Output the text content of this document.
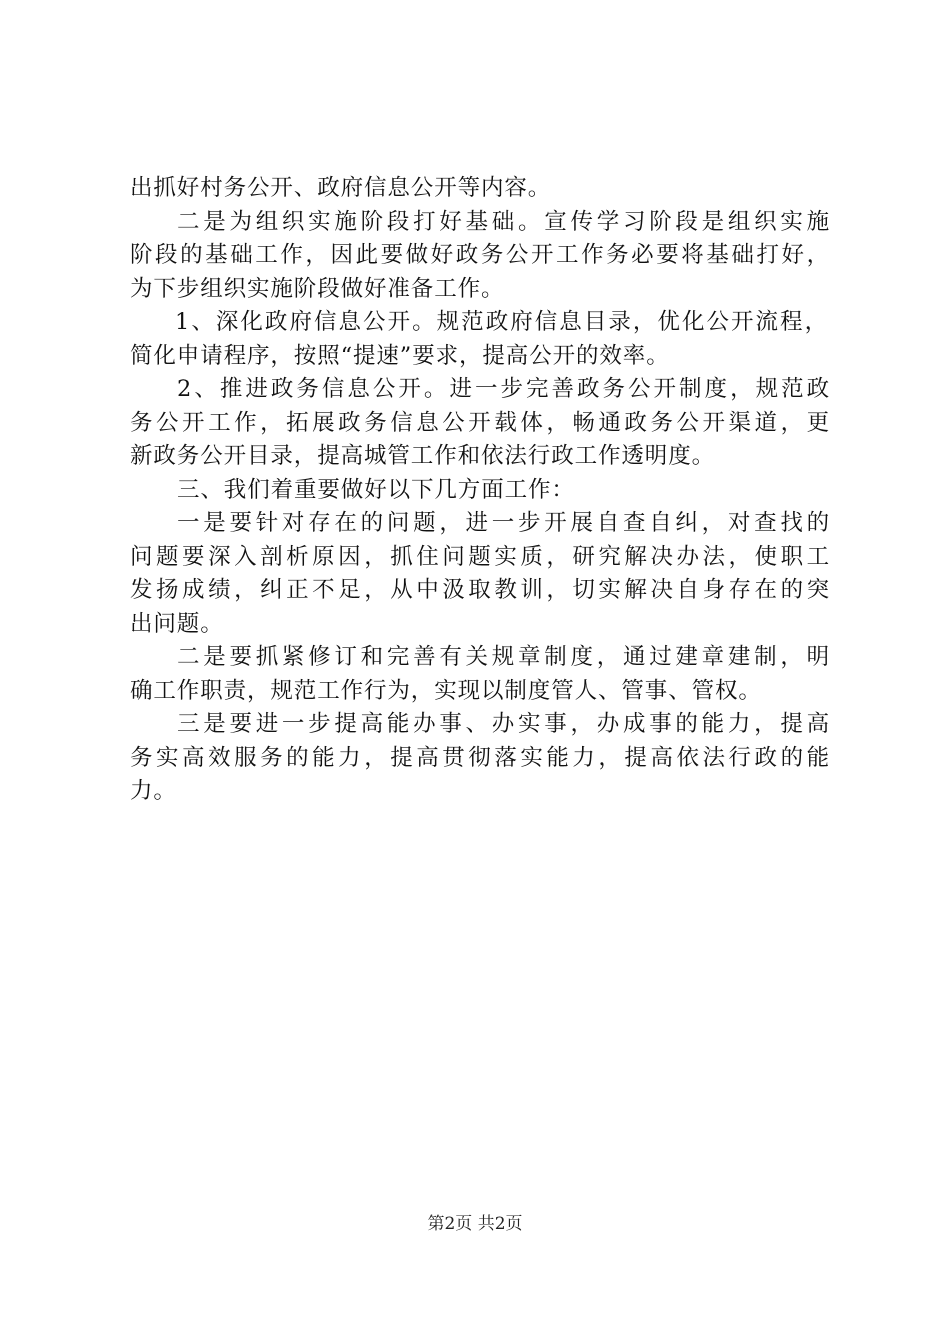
出抓好村务公开、政府信息公开等内容。
二是为组织实施阶段打好基础。宣传学习阶段是组织实施
阶段的基础工作，因此要做好政务公开工作务必要将基础打好，
为下步组织实施阶段做好准备工作。
1、深化政府信息公开。规范政府信息目录，优化公开流程，
简化申请程序，按照“提速”要求，提高公开的效率。
2、推进政务信息公开。进一步完善政务公开制度，规范政
务公开工作，拓展政务信息公开载体，畅通政务公开渠道，更
新政务公开目录，提高城管工作和依法行政工作透明度。
三、我们着重要做好以下几方面工作：
一是要针对存在的问题，进一步开展自查自纠，对查找的
问题要深入剖析原因，抓住问题实质，研究解决办法，使职工
发扬成绩，纠正不足，从中汲取教训，切实解决自身存在的突
出问题。
二是要抓紧修订和完善有关规章制度，通过建章建制，明
确工作职责，规范工作行为，实现以制度管人、管事、管权。
三是要进一步提高能办事、办实事，办成事的能力，提高
务实高效服务的能力，提高贯彻落实能力，提高依法行政的能
力。
第2页 共2页
